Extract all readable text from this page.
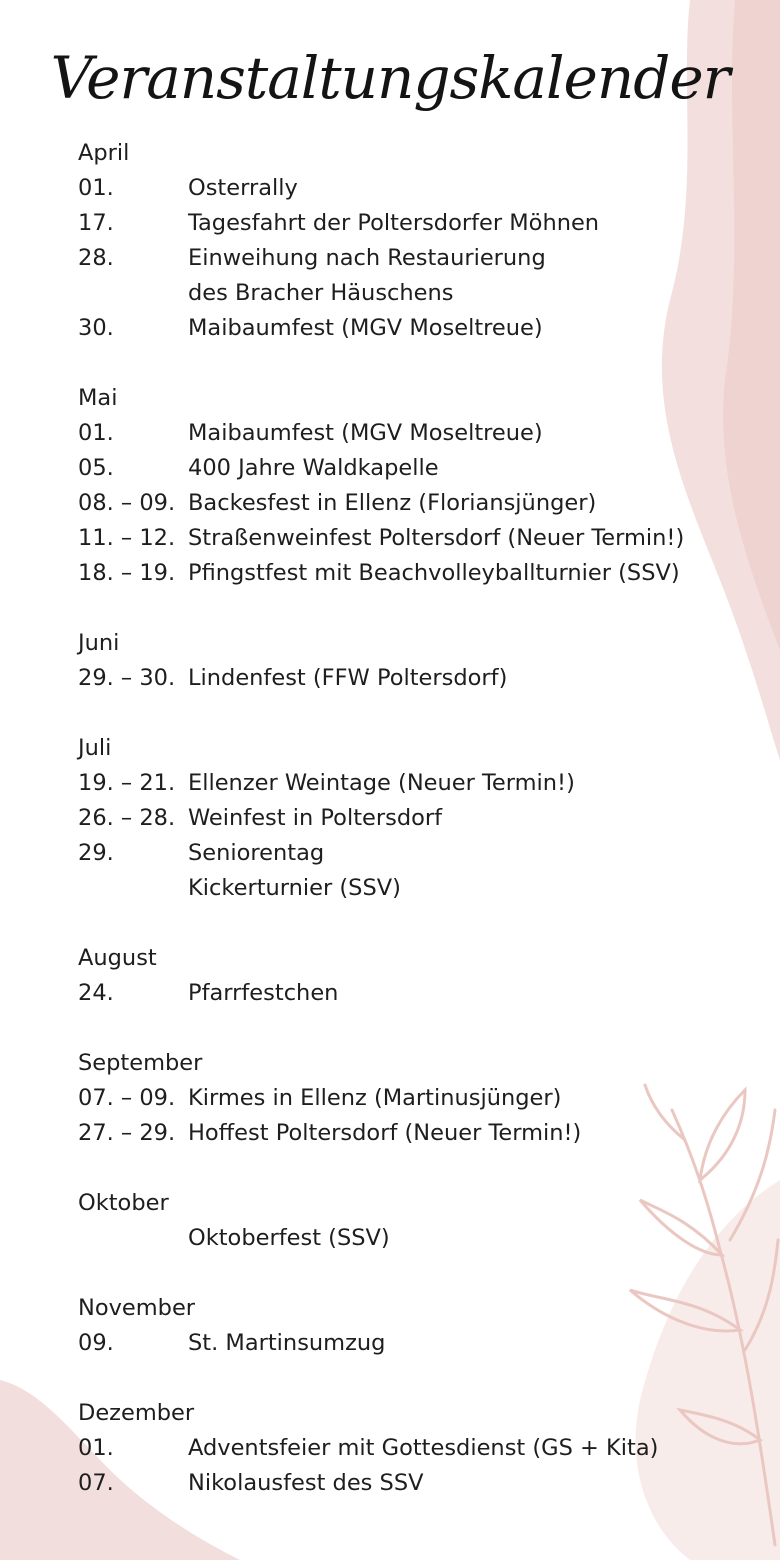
Veranstaltungskalender
April
01.	Osterrally
17.	Tagesfahrt der Poltersdorfer Möhnen
28.	Einweihung nach Restaurierung
des Bracher Häuschens
30.	Maibaumfest (MGV Moseltreue)
Mai
01.	Maibaumfest (MGV Moseltreue)
05.	400 Jahre Waldkapelle
08. – 09. Backesfest in Ellenz (Floriansjünger)
11. – 12. Straßenweinfest Poltersdorf (Neuer Termin!)
18. – 19. Pfingstfest mit Beachvolleyballturnier (SSV)
Juni
29. – 30. Lindenfest (FFW Poltersdorf)
Juli
19. – 21. Ellenzer Weintage (Neuer Termin!)
26. – 28. Weinfest in Poltersdorf
29.	Seniorentag
Kickerturnier (SSV)
August
24.	Pfarrfestchen
September
07. – 09. Kirmes in Ellenz (Martinusjünger)
27. – 29. Hoffest Poltersdorf (Neuer Termin!)
Oktober
Oktoberfest (SSV)
November
09.	St. Martinsumzug
Dezember
01.	Adventsfeier mit Gottesdienst (GS + Kita)
07.	Nikolausfest des SSV
